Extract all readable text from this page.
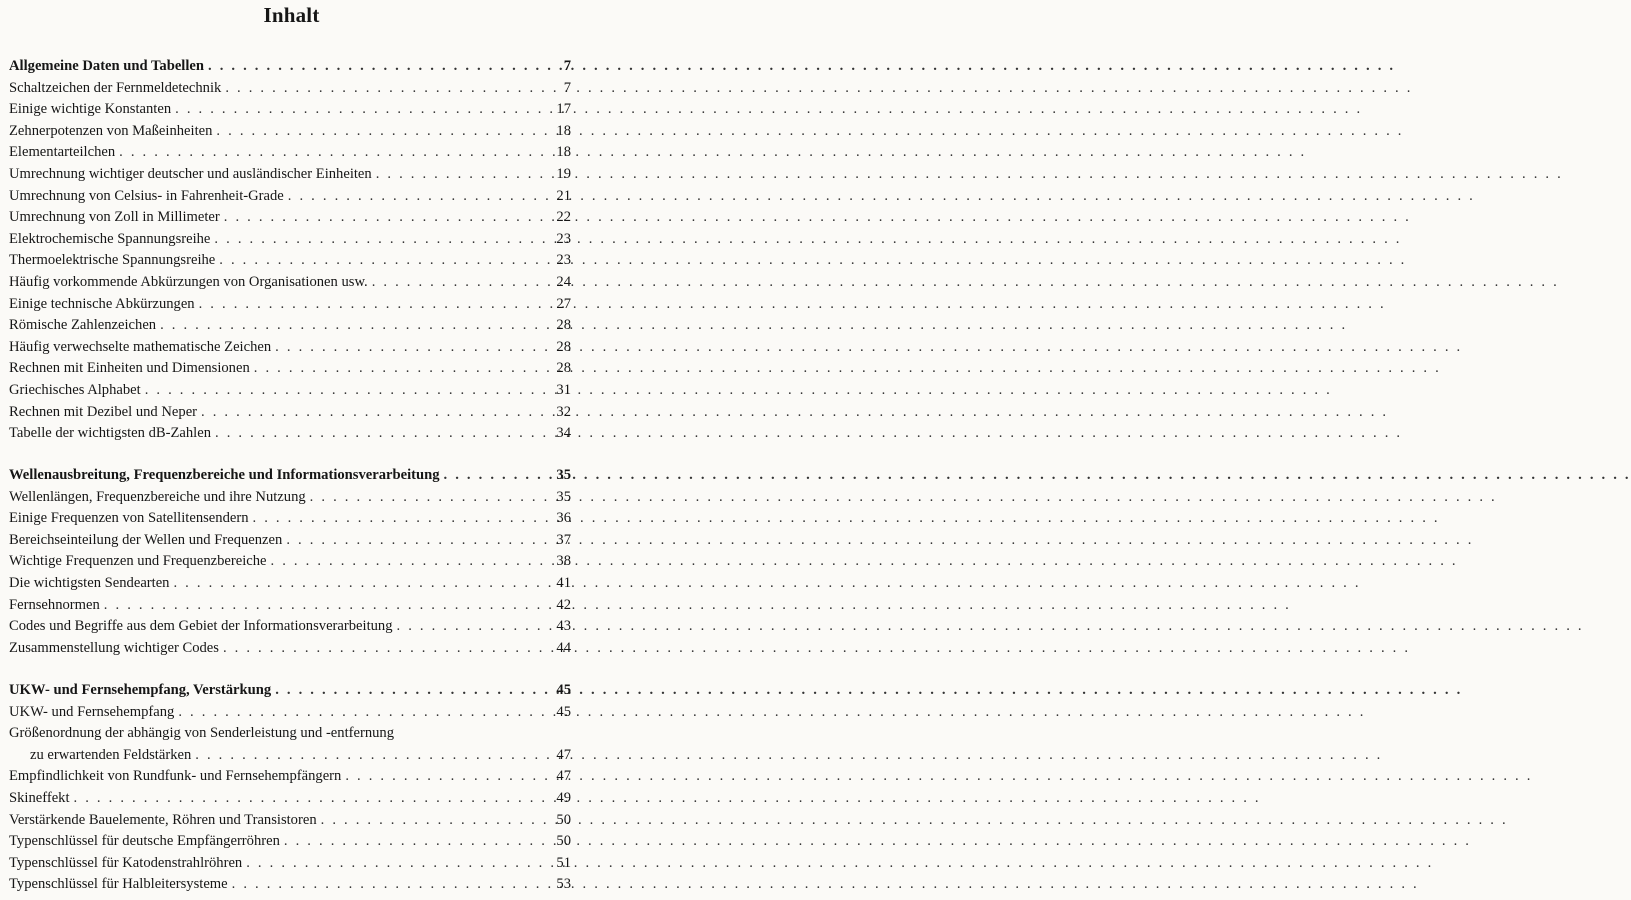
Inhalt
Allgemeine Daten und Tabellen . . .	7
Schaltzeichen der Fernmeldetechnik . . .	7
Einige wichtige Konstanten . . .	17
Zehnerpotenzen von Maßeinheiten . . .	18
Elementarteilchen . . .	18
Umrechnung wichtiger deutscher und ausländischer Einheiten . . .	19
Umrechnung von Celsius- in Fahrenheit-Grade . . .	21
Umrechnung von Zoll in Millimeter . . .	22
Elektrochemische Spannungsreihe . . .	23
Thermoelektrische Spannungsreihe . . .	23
Häufig vorkommende Abkürzungen von Organisationen usw. . . .	24
Einige technische Abkürzungen . . .	27
Römische Zahlenzeichen . . .	28
Häufig verwechselte mathematische Zeichen . . .	28
Rechnen mit Einheiten und Dimensionen . . .	28
Griechisches Alphabet . . .	31
Rechnen mit Dezibel und Neper . . .	32
Tabelle der wichtigsten dB-Zahlen . . .	34
Wellenausbreitung, Frequenzbereiche und Informationsverarbeitung . . .	35
Wellenlängen, Frequenzbereiche und ihre Nutzung . . .	35
Einige Frequenzen von Satellitensendern . . .	36
Bereichseinteilung der Wellen und Frequenzen . . .	37
Wichtige Frequenzen und Frequenzbereiche . . .	38
Die wichtigsten Sendearten . . .	41
Fernsehnormen . . .	42
Codes und Begriffe aus dem Gebiet der Informationsverarbeitung . . .	43
Zusammenstellung wichtiger Codes . . .	44
UKW- und Fernsehempfang, Verstärkung . . .	45
UKW- und Fernsehempfang . . .	45
Größenordnung der abhängig von Senderleistung und -entfernung
zu erwartenden Feldstärken . . .	47
Empfindlichkeit von Rundfunk- und Fernsehempfängern . . .	47
Skineffekt . . .	49
Verstärkende Bauelemente, Röhren und Transistoren . . .	50
Typenschlüssel für deutsche Empfängerröhren . . .	50
Typenschlüssel für Katodenstrahlröhren . . .	51
Typenschlüssel für Halbleitersysteme . . .	53
